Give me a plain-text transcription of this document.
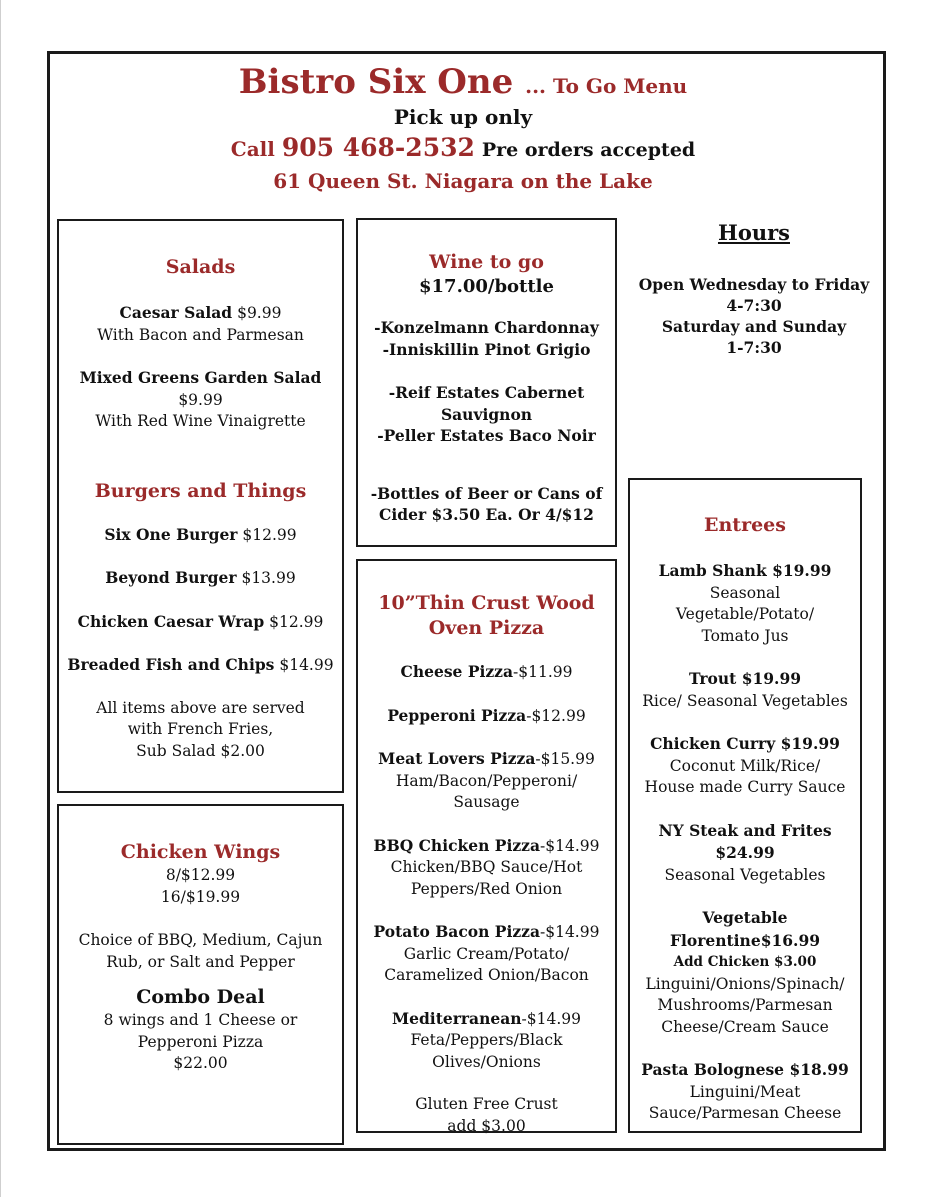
Bistro Six One ... To Go Menu
Pick up only
Call 905 468-2532 Pre orders accepted
61 Queen St. Niagara on the Lake
Salads
Caesar Salad $9.99
With Bacon and Parmesan
Mixed Greens Garden Salad
$9.99
With Red Wine Vinaigrette
Burgers and Things
Six One Burger $12.99
Beyond Burger $13.99
Chicken Caesar Wrap $12.99
Breaded Fish and Chips $14.99
All items above are served
with French Fries,
Sub Salad $2.00
Chicken Wings
8/$12.99
16/$19.99
Choice of BBQ, Medium, Cajun
Rub, or Salt and Pepper
Combo Deal
8 wings and 1 Cheese or
Pepperoni Pizza
$22.00
Wine to go
$17.00/bottle
-Konzelmann Chardonnay
-Inniskillin Pinot Grigio
-Reif Estates Cabernet
Sauvignon
-Peller Estates Baco Noir
-Bottles of Beer or Cans of
Cider $3.50 Ea. Or 4/$12
10”Thin Crust Wood
Oven Pizza
Cheese Pizza-$11.99
Pepperoni Pizza-$12.99
Meat Lovers Pizza-$15.99
Ham/Bacon/Pepperoni/
Sausage
BBQ Chicken Pizza-$14.99
Chicken/BBQ Sauce/Hot
Peppers/Red Onion
Potato Bacon Pizza-$14.99
Garlic Cream/Potato/
Caramelized Onion/Bacon
Mediterranean-$14.99
Feta/Peppers/Black
Olives/Onions
Gluten Free Crust
add $3.00
Hours
Open Wednesday to Friday
4-7:30
Saturday and Sunday
1-7:30
Entrees
Lamb Shank $19.99
Seasonal
Vegetable/Potato/
Tomato Jus
Trout $19.99
Rice/ Seasonal Vegetables
Chicken Curry $19.99
Coconut Milk/Rice/
House made Curry Sauce
NY Steak and Frites
$24.99
Seasonal Vegetables
Vegetable
Florentine$16.99
Add Chicken $3.00
Linguini/Onions/Spinach/
Mushrooms/Parmesan
Cheese/Cream Sauce
Pasta Bolognese $18.99
Linguini/Meat
Sauce/Parmesan Cheese
